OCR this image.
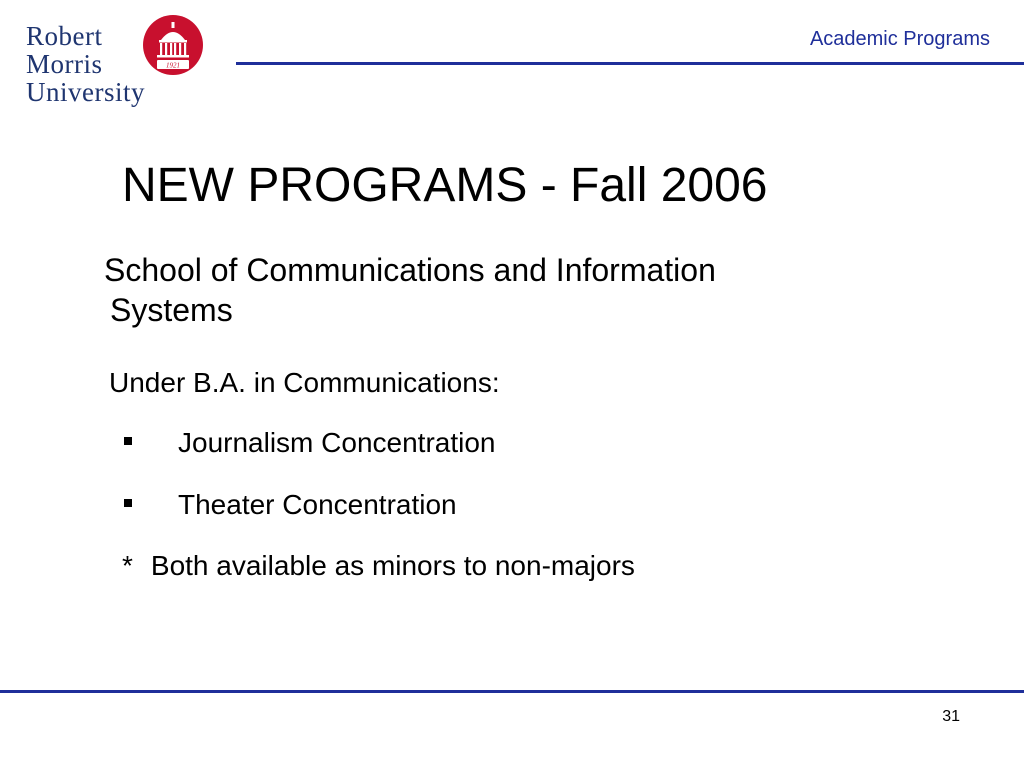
Robert
Morris
University
1921
Academic Programs
NEW PROGRAMS - Fall 2006
School of Communications and Information
Systems
Under B.A. in Communications:
Journalism Concentration
Theater Concentration
* Both available as minors to non-majors
31
